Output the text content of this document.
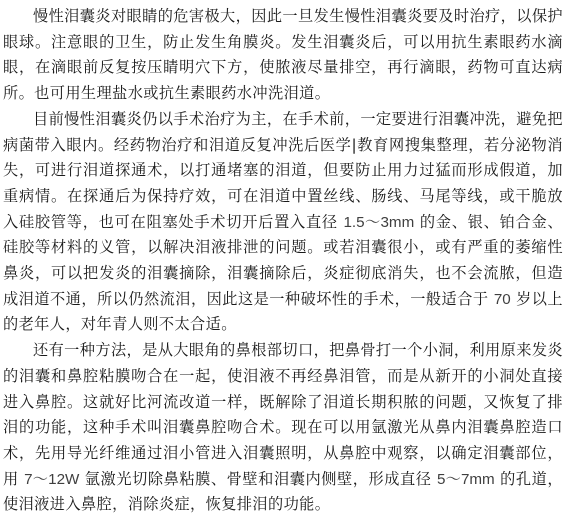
慢性泪囊炎对眼睛的危害极大，因此一旦发生慢性泪囊炎要及时治疗，以保护眼球。注意眼的卫生，防止发生角膜炎。发生泪囊炎后，可以用抗生素眼药水滴眼，在滴眼前反复按压睛明穴下方，使脓液尽量排空，再行滴眼，药物可直达病所。也可用生理盐水或抗生素眼药水冲洗泪道。

目前慢性泪囊炎仍以手术治疗为主，在手术前，一定要进行泪囊冲洗，避免把病菌带入眼内。经药物治疗和泪道反复冲洗后医学|教育网搜集整理，若分泌物消失，可进行泪道探通术，以打通堵塞的泪道，但要防止用力过猛而形成假道，加重病情。在探通后为保持疗效，可在泪道中置丝线、肠线、马尾等线，或干脆放入硅胶管等，也可在阻塞处手术切开后置入直径 1.5～3mm 的金、银、铂合金、硅胶等材料的义管，以解决泪液排泄的问题。或若泪囊很小，或有严重的萎缩性鼻炎，可以把发炎的泪囊摘除，泪囊摘除后，炎症彻底消失，也不会流脓，但造成泪道不通，所以仍然流泪，因此这是一种破坏性的手术，一般适合于 70 岁以上的老年人，对年青人则不太合适。

还有一种方法，是从大眼角的鼻根部切口，把鼻骨打一个小洞，利用原来发炎的泪囊和鼻腔粘膜吻合在一起，使泪液不再经鼻泪管，而是从新开的小洞处直接进入鼻腔。这就好比河流改道一样，既解除了泪道长期积脓的问题，又恢复了排泪的功能，这种手术叫泪囊鼻腔吻合术。现在可以用氩激光从鼻内泪囊鼻腔造口术，先用导光纤维通过泪小管进入泪囊照明，从鼻腔中观察，以确定泪囊部位，用 7～12W 氩激光切除鼻粘膜、骨壁和泪囊内侧壁，形成直径 5～7mm 的孔道，使泪液进入鼻腔，消除炎症，恢复排泪的功能。
